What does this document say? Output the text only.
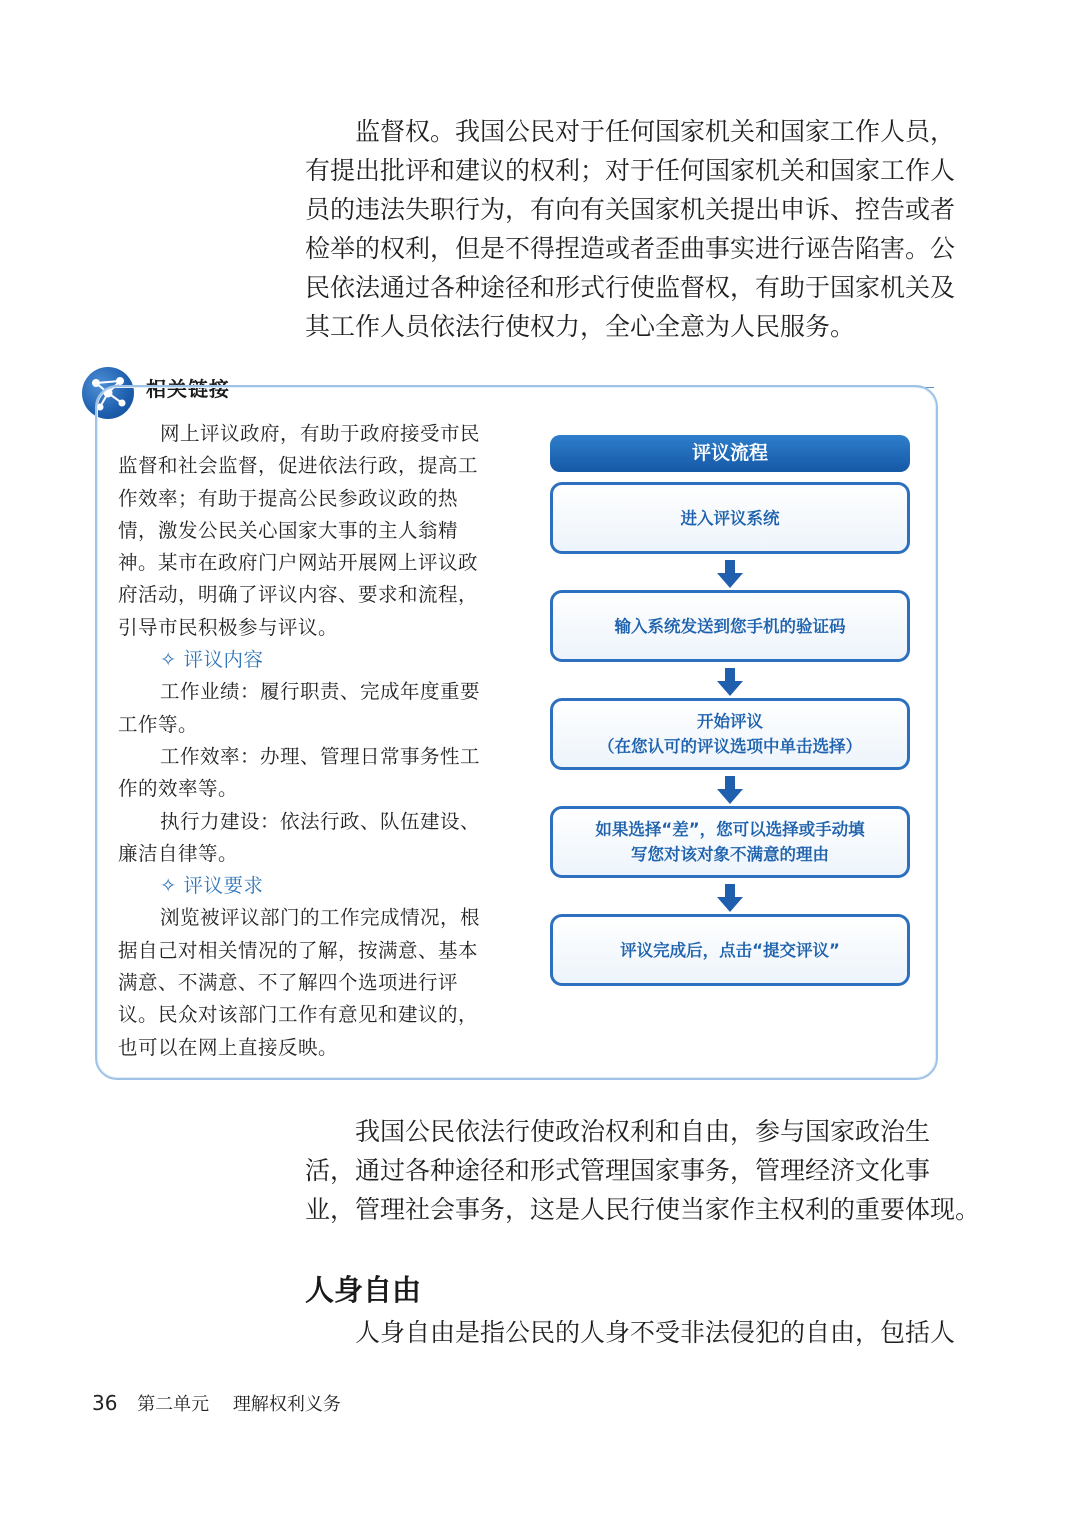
监督权。我国公民对于任何国家机关和国家工作人员，
有提出批评和建议的权利；对于任何国家机关和国家工作人
员的违法失职行为，有向有关国家机关提出申诉、控告或者
检举的权利，但是不得捏造或者歪曲事实进行诬告陷害。公
民依法通过各种途径和形式行使监督权，有助于国家机关及
其工作人员依法行使权力，全心全意为人民服务。
相关链接
网上评议政府，有助于政府接受市民
监督和社会监督，促进依法行政，提高工
作效率；有助于提高公民参政议政的热
情，激发公民关心国家大事的主人翁精
神。某市在政府门户网站开展网上评议政
府活动，明确了评议内容、要求和流程，
引导市民积极参与评议。
✧ 评议内容
工作业绩：履行职责、完成年度重要
工作等。
工作效率：办理、管理日常事务性工
作的效率等。
执行力建设：依法行政、队伍建设、
廉洁自律等。
✧ 评议要求
浏览被评议部门的工作完成情况，根
据自己对相关情况的了解，按满意、基本
满意、不满意、不了解四个选项进行评
议。民众对该部门工作有意见和建议的，
也可以在网上直接反映。
评议流程
进入评议系统
输入系统发送到您手机的验证码
开始评议
（在您认可的评议选项中单击选择）
如果选择“差”，您可以选择或手动填
写您对该对象不满意的理由
评议完成后，点击“提交评议”
我国公民依法行使政治权利和自由，参与国家政治生
活，通过各种途径和形式管理国家事务，管理经济文化事
业，管理社会事务，这是人民行使当家作主权利的重要体现。
人身自由
人身自由是指公民的人身不受非法侵犯的自由，包括人
36 第二单元 理解权利义务
